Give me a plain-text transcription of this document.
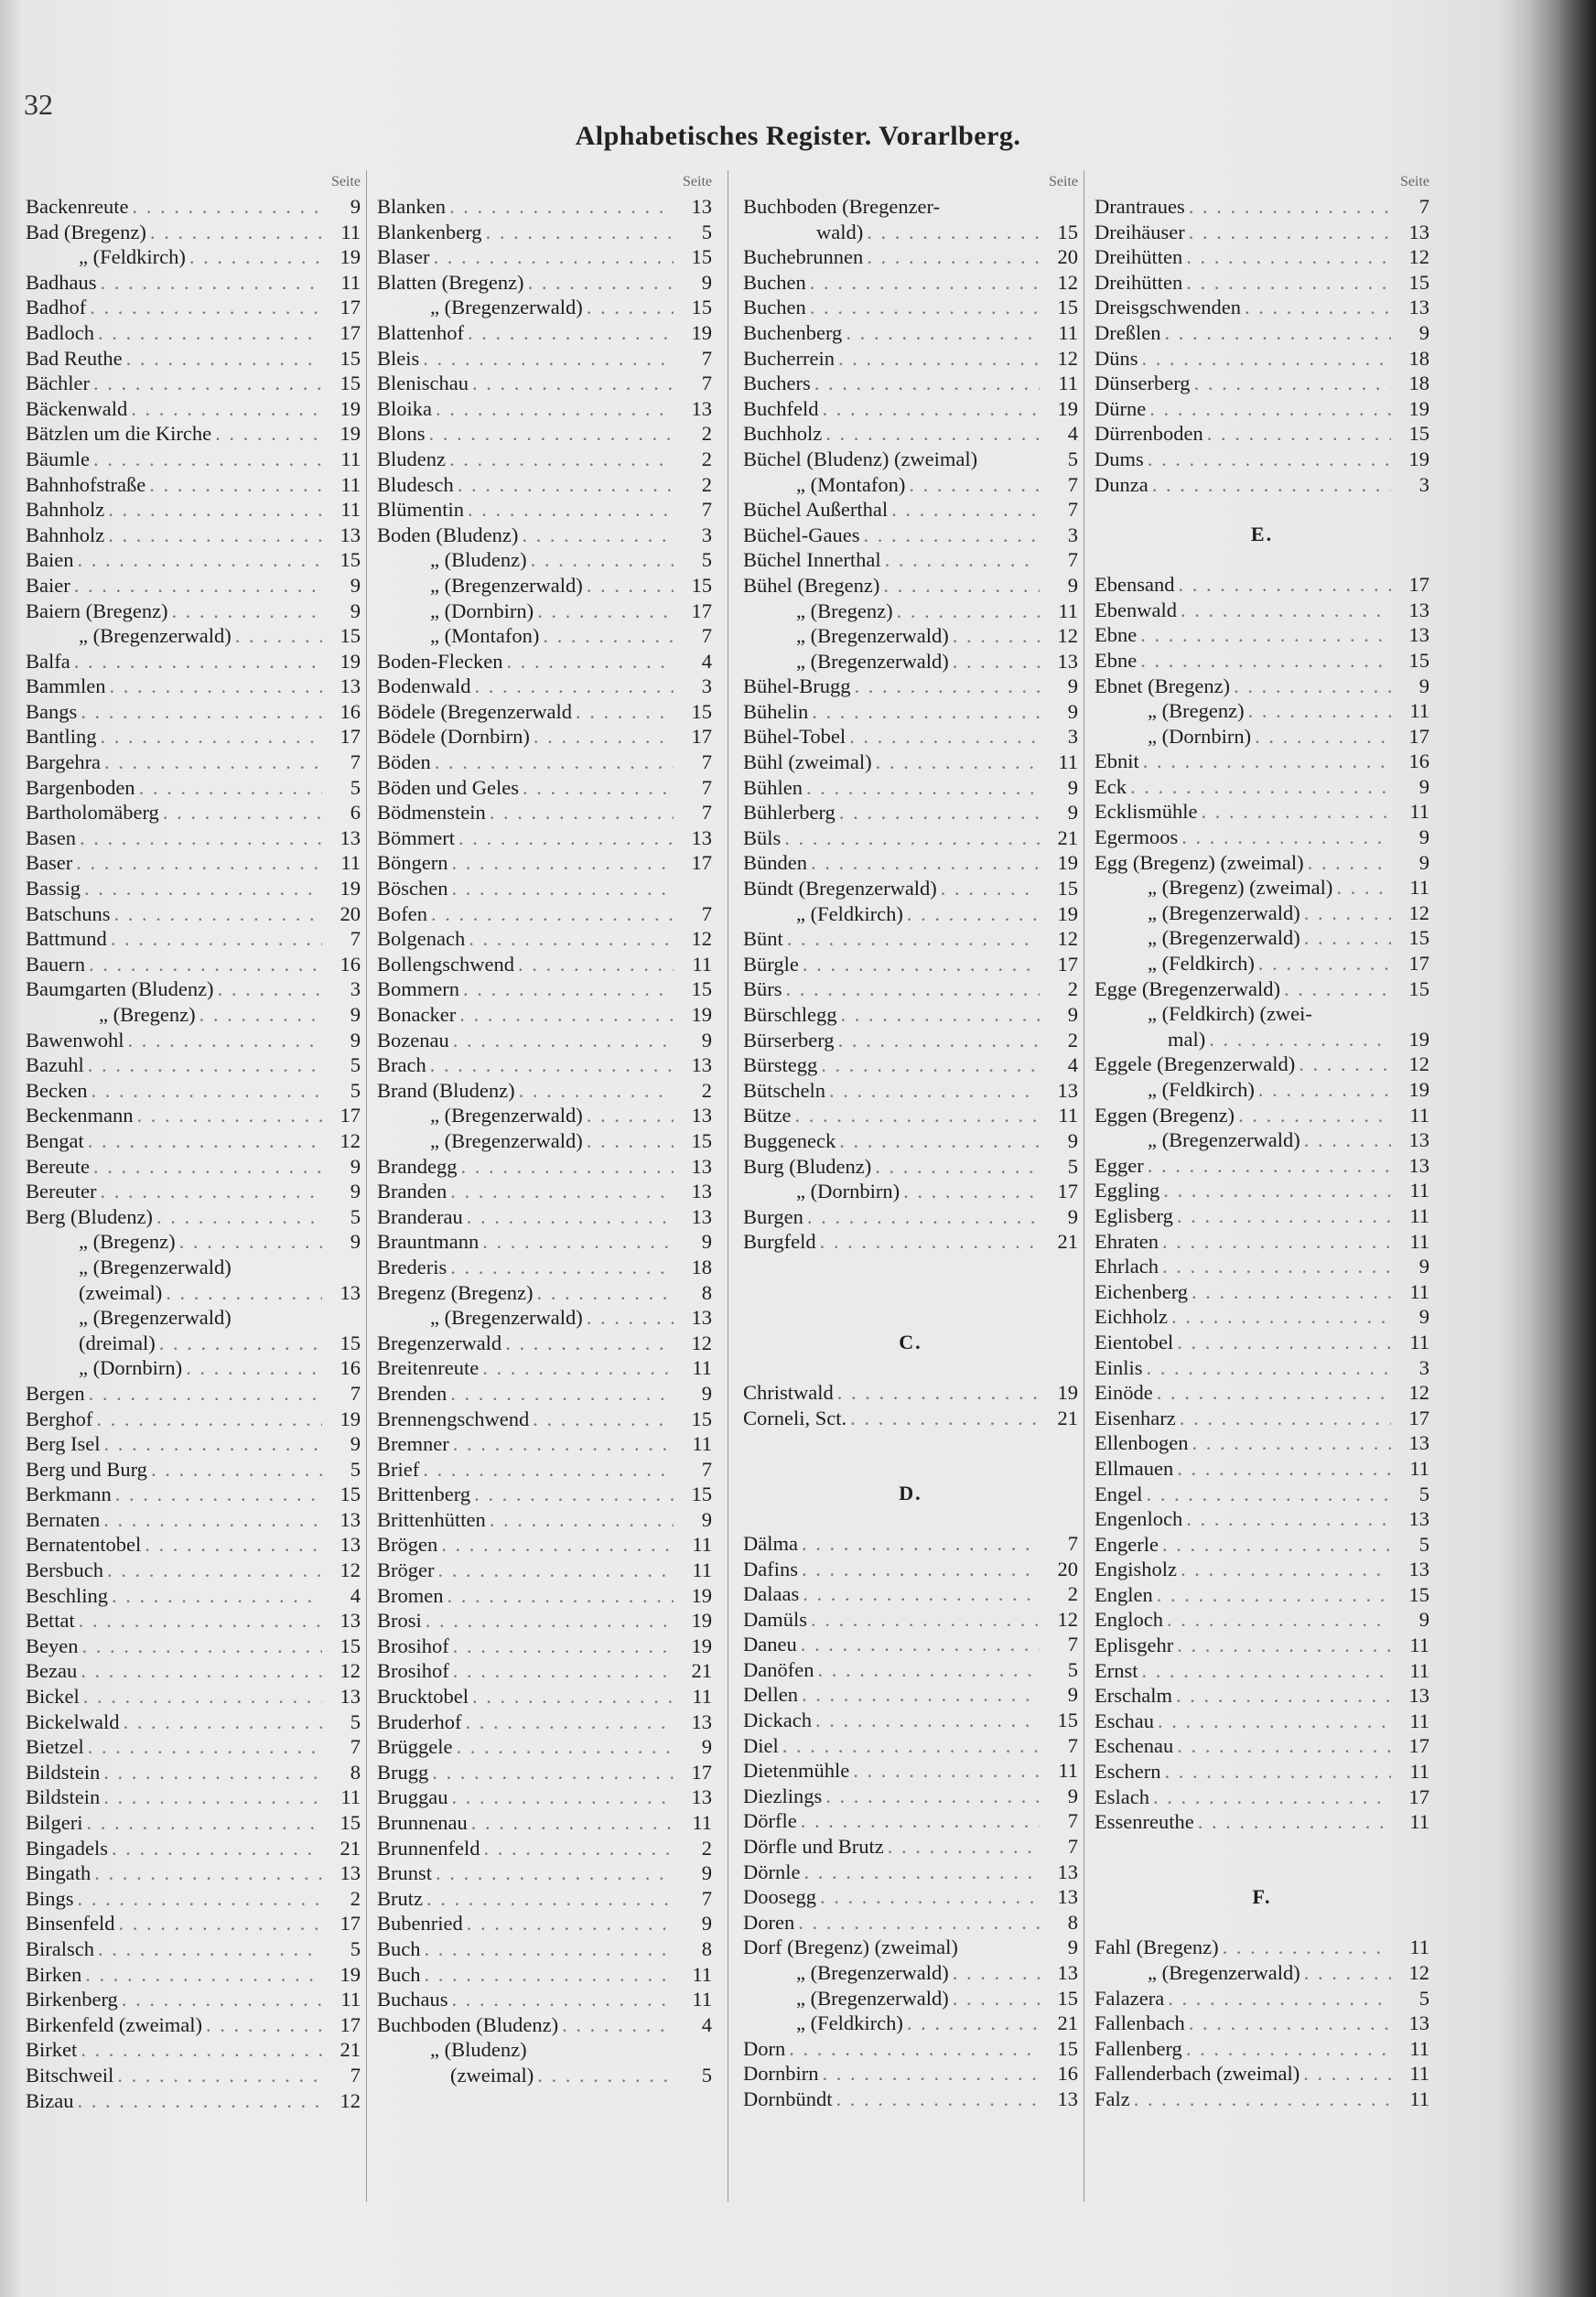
32
Alphabetisches Register. Vorarlberg.
Seite
Backenreute . . .	9
Bad (Bregenz) . . .	11
„ (Feldkirch) . . .	19
Badhaus . . .	11
Badhof . . .	17
Badloch . . .	17
Bad Reuthe . . .	15
Bächler . . .	15
Bäckenwald . . .	19
Bätzlen um die Kirche . . .	19
Bäumle . . .	11
Bahnhofstraße . . .	11
Bahnholz . . .	11
Bahnholz . . .	13
Baien . . .	15
Baier . . .	9
Baiern (Bregenz) . . .	9
„ (Bregenzerwald) . . .	15
Balfa . . .	19
Bammlen . . .	13
Bangs . . .	16
Bantling . . .	17
Bargehra . . .	7
Bargenboden . . .	5
Bartholomäberg . . .	6
Basen . . .	13
Baser . . .	11
Bassig . . .	19
Batschuns . . .	20
Battmund . . .	7
Bauern . . .	16
Baumgarten (Bludenz) . . .	3
„ (Bregenz) . . .	9
Bawenwohl . . .	9
Bazuhl . . .	5
Becken . . .	5
Beckenmann . . .	17
Bengat . . .	12
Bereute . . .	9
Bereuter . . .	9
Berg (Bludenz) . . .	5
„ (Bregenz) . . .	9
„ (Bregenzerwald)
(zweimal) . . .	13
„ (Bregenzerwald)
(dreimal) . . .	15
„ (Dornbirn) . . .	16
Bergen . . .	7
Berghof . . .	19
Berg Isel . . .	9
Berg und Burg . . .	5
Berkmann . . .	15
Bernaten . . .	13
Bernatentobel . . .	13
Bersbuch . . .	12
Beschling . . .	4
Bettat . . .	13
Beyen . . .	15
Bezau . . .	12
Bickel . . .	13
Bickelwald . . .	5
Bietzel . . .	7
Bildstein . . .	8
Bildstein . . .	11
Bilgeri . . .	15
Bingadels . . .	21
Bingath . . .	13
Bings . . .	2
Binsenfeld . . .	17
Biralsch . . .	5
Birken . . .	19
Birkenberg . . .	11
Birkenfeld (zweimal) . . .	17
Birket . . .	21
Bitschweil . . .	7
Bizau . . .	12
Seite
Blanken . . .	13
Blankenberg . . .	5
Blaser . . .	15
Blatten (Bregenz) . . .	9
„ (Bregenzerwald) . . .	15
Blattenhof . . .	19
Bleis . . .	7
Blenischau . . .	7
Bloika . . .	13
Blons . . .	2
Bludenz . . .	2
Bludesch . . .	2
Blümentin . . .	7
Boden (Bludenz) . . .	3
„ (Bludenz) . . .	5
„ (Bregenzerwald) . . .	15
„ (Dornbirn) . . .	17
„ (Montafon) . . .	7
Boden-Flecken . . .	4
Bodenwald . . .	3
Bödele (Bregenzerwald . . .	15
Bödele (Dornbirn) . . .	17
Böden . . .	7
Böden und Geles . . .	7
Bödmenstein . . .	7
Bömmert . . .	13
Böngern . . .	17
Böschen
. . .
Bofen . . .	7
Bolgenach . . .	12
Bollengschwend . . .	11
Bommern . . .	15
Bonacker . . .	19
Bozenau . . .	9
Brach . . .	13
Brand (Bludenz) . . .	2
„ (Bregenzerwald) . . .	13
„ (Bregenzerwald) . . .	15
Brandegg . . .	13
Branden . . .	13
Branderau . . .	13
Brauntmann . . .	9
Brederis . . .	18
Bregenz (Bregenz) . . .	8
„ (Bregenzerwald) . . .	13
Bregenzerwald . . .	12
Breitenreute . . .	11
Brenden . . .	9
Brennengschwend . . .	15
Bremner . . .	11
Brief . . .	7
Brittenberg . . .	15
Brittenhütten . . .	9
Brögen . . .	11
Bröger . . .	11
Bromen . . .	19
Brosi . . .	19
Brosihof . . .	19
Brosihof . . .	21
Brucktobel . . .	11
Bruderhof . . .	13
Brüggele . . .	9
Brugg . . .	17
Bruggau . . .	13
Brunnenau . . .	11
Brunnenfeld . . .	2
Brunst . . .	9
Brutz . . .	7
Bubenried . . .	9
Buch . . .	8
Buch . . .	11
Buchaus . . .	11
Buchboden (Bludenz) . . .	4
„ (Bludenz)
(zweimal) . . .	5
Seite
Buchboden (Bregenzer-
wald) . . .	15
Buchebrunnen . . .	20
Buchen . . .	12
Buchen . . .	15
Buchenberg . . .	11
Bucherrein . . .	12
Buchers . . .	11
Buchfeld . . .	19
Buchholz . . .	4
Büchel (Bludenz) (zweimal)	5
„ (Montafon) . . .	7
Büchel Außerthal . . .	7
Büchel-Gaues . . .	3
Büchel Innerthal . . .	7
Bühel (Bregenz) . . .	9
„ (Bregenz) . . .	11
„ (Bregenzerwald) . . .	12
„ (Bregenzerwald) . . .	13
Bühel-Brugg . . .	9
Bühelin . . .	9
Bühel-Tobel . . .	3
Bühl (zweimal) . . .	11
Bühlen . . .	9
Bühlerberg . . .	9
Büls . . .	21
Bünden . . .	19
Bündt (Bregenzerwald) . . .	15
„ (Feldkirch) . . .	19
Bünt . . .	12
Bürgle . . .	17
Bürs . . .	2
Bürschlegg . . .	9
Bürserberg . . .	2
Bürstegg . . .	4
Bütscheln . . .	13
Bütze . . .	11
Buggeneck . . .	9
Burg (Bludenz) . . .	5
„ (Dornbirn) . . .	17
Burgen . . .	9
Burgfeld . . .	21
C.
Christwald . . .	19
Corneli, Sct. . . .	21
D.
Dälma . . .	7
Dafins . . .	20
Dalaas . . .	2
Damüls . . .	12
Daneu . . .	7
Danöfen . . .	5
Dellen . . .	9
Dickach . . .	15
Diel . . .	7
Dietenmühle . . .	11
Diezlings . . .	9
Dörfle . . .	7
Dörfle und Brutz . . .	7
Dörnle . . .	13
Doosegg . . .	13
Doren . . .	8
Dorf (Bregenz) (zweimal)	9
„ (Bregenzerwald) . . .	13
„ (Bregenzerwald) . . .	15
„ (Feldkirch) . . .	21
Dorn . . .	15
Dornbirn . . .	16
Dornbündt . . .	13
Seite
Drantraues . . .	7
Dreihäuser . . .	13
Dreihütten . . .	12
Dreihütten . . .	15
Dreisgschwenden . . .	13
Dreßlen . . .	9
Düns . . .	18
Dünserberg . . .	18
Dürne . . .	19
Dürrenboden . . .	15
Dums . . .	19
Dunza . . .	3
E.
Ebensand . . .	17
Ebenwald . . .	13
Ebne . . .	13
Ebne . . .	15
Ebnet (Bregenz) . . .	9
„ (Bregenz) . . .	11
„ (Dornbirn) . . .	17
Ebnit . . .	16
Eck . . .	9
Ecklismühle . . .	11
Egermoos . . .	9
Egg (Bregenz) (zweimal) . . .	9
„ (Bregenz) (zweimal) . . .	11
„ (Bregenzerwald) . . .	12
„ (Bregenzerwald) . . .	15
„ (Feldkirch) . . .	17
Egge (Bregenzerwald) . . .	15
„ (Feldkirch) (zwei-
mal) . . .	19
Eggele (Bregenzerwald) . . .	12
„ (Feldkirch) . . .	19
Eggen (Bregenz) . . .	11
„ (Bregenzerwald) . . .	13
Egger . . .	13
Eggling . . .	11
Eglisberg . . .	11
Ehraten . . .	11
Ehrlach . . .	9
Eichenberg . . .	11
Eichholz . . .	9
Eientobel . . .	11
Einlis . . .	3
Einöde . . .	12
Eisenharz . . .	17
Ellenbogen . . .	13
Ellmauen . . .	11
Engel . . .	5
Engenloch . . .	13
Engerle . . .	5
Engisholz . . .	13
Englen . . .	15
Engloch . . .	9
Eplisgehr . . .	11
Ernst . . .	11
Erschalm . . .	13
Eschau . . .	11
Eschenau . . .	17
Eschern . . .	11
Eslach . . .	17
Essenreuthe . . .	11
F.
Fahl (Bregenz) . . .	11
„ (Bregenzerwald) . . .	12
Falazera . . .	5
Fallenbach . . .	13
Fallenberg . . .	11
Fallenderbach (zweimal) . . .	11
Falz . . .	11
